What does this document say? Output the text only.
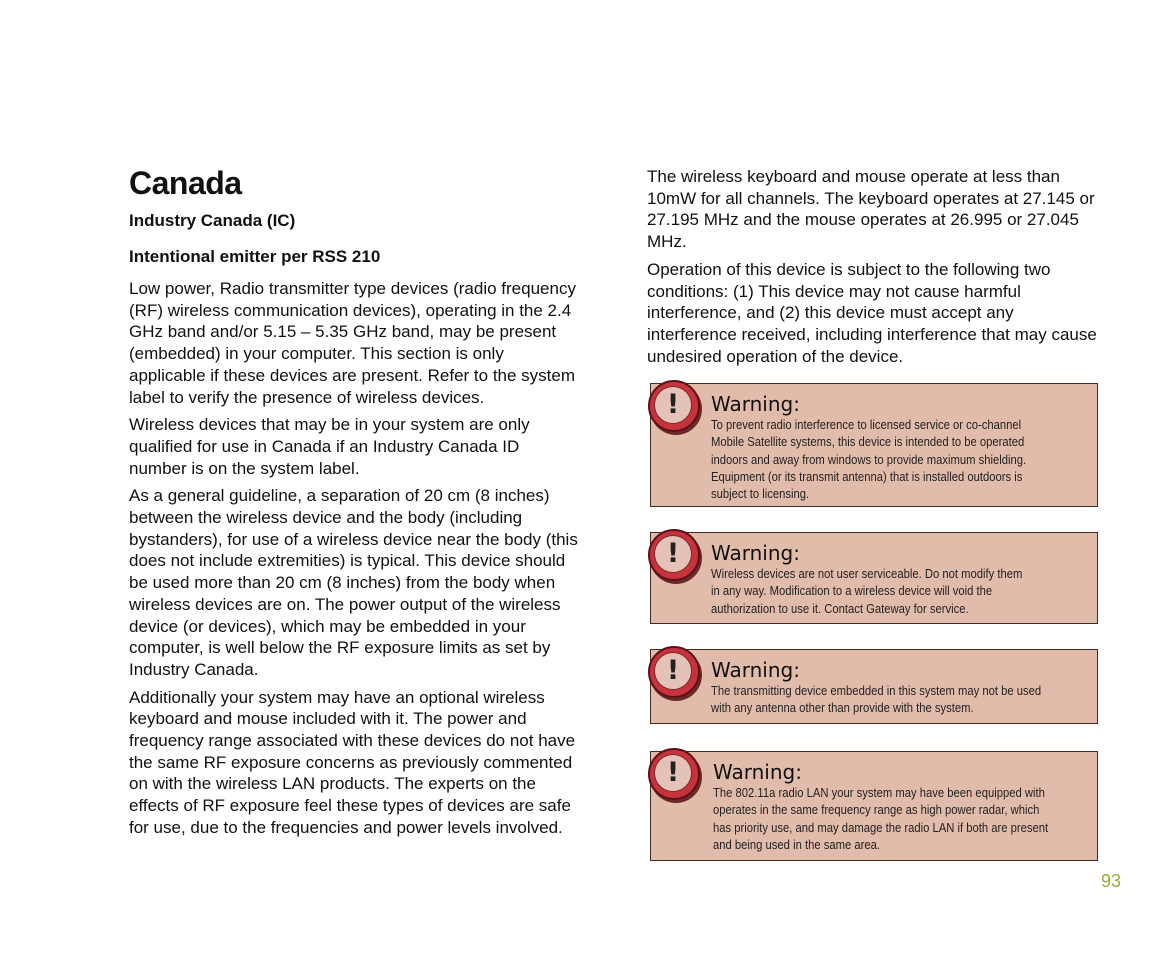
Canada
Industry Canada (IC)
Intentional emitter per RSS 210

Low power, Radio transmitter type devices (radio frequency (RF) wireless communication devices), operating in the 2.4 GHz band and/or 5.15 – 5.35 GHz band, may be present (embedded) in your computer. This section is only applicable if these devices are present. Refer to the system label to verify the presence of wireless devices.

Wireless devices that may be in your system are only qualified for use in Canada if an Industry Canada ID number is on the system label.

As a general guideline, a separation of 20 cm (8 inches) between the wireless device and the body (including bystanders), for use of a wireless device near the body (this does not include extremities) is typical. This device should be used more than 20 cm (8 inches) from the body when wireless devices are on. The power output of the wireless device (or devices), which may be embedded in your computer, is well below the RF exposure limits as set by Industry Canada.

Additionally your system may have an optional wireless keyboard and mouse included with it. The power and frequency range associated with these devices do not have the same RF exposure concerns as previously commented on with the wireless LAN products. The experts on the effects of RF exposure feel these types of devices are safe for use, due to the frequencies and power levels involved.

The wireless keyboard and mouse operate at less than 10mW for all channels. The keyboard operates at 27.145 or 27.195 MHz and the mouse operates at 26.995 or 27.045 MHz.

Operation of this device is subject to the following two conditions: (1) This device may not cause harmful interference, and (2) this device must accept any interference received, including interference that may cause undesired operation of the device.

!	Warning:
To prevent radio interference to licensed service or co-channel
Mobile Satellite systems, this device is intended to be operated
indoors and away from windows to provide maximum shielding.
Equipment (or its transmit antenna) that is installed outdoors is
subject to licensing.
!	Warning:
Wireless devices are not user serviceable. Do not modify them
in any way. Modification to a wireless device will void the
authorization to use it. Contact Gateway for service.
!	Warning:
The transmitting device embedded in this system may not be used
with any antenna other than provide with the system.
!	Warning:
The 802.11a radio LAN your system may have been equipped with
operates in the same frequency range as high power radar, which
has priority use, and may damage the radio LAN if both are present
and being used in the same area.
93
